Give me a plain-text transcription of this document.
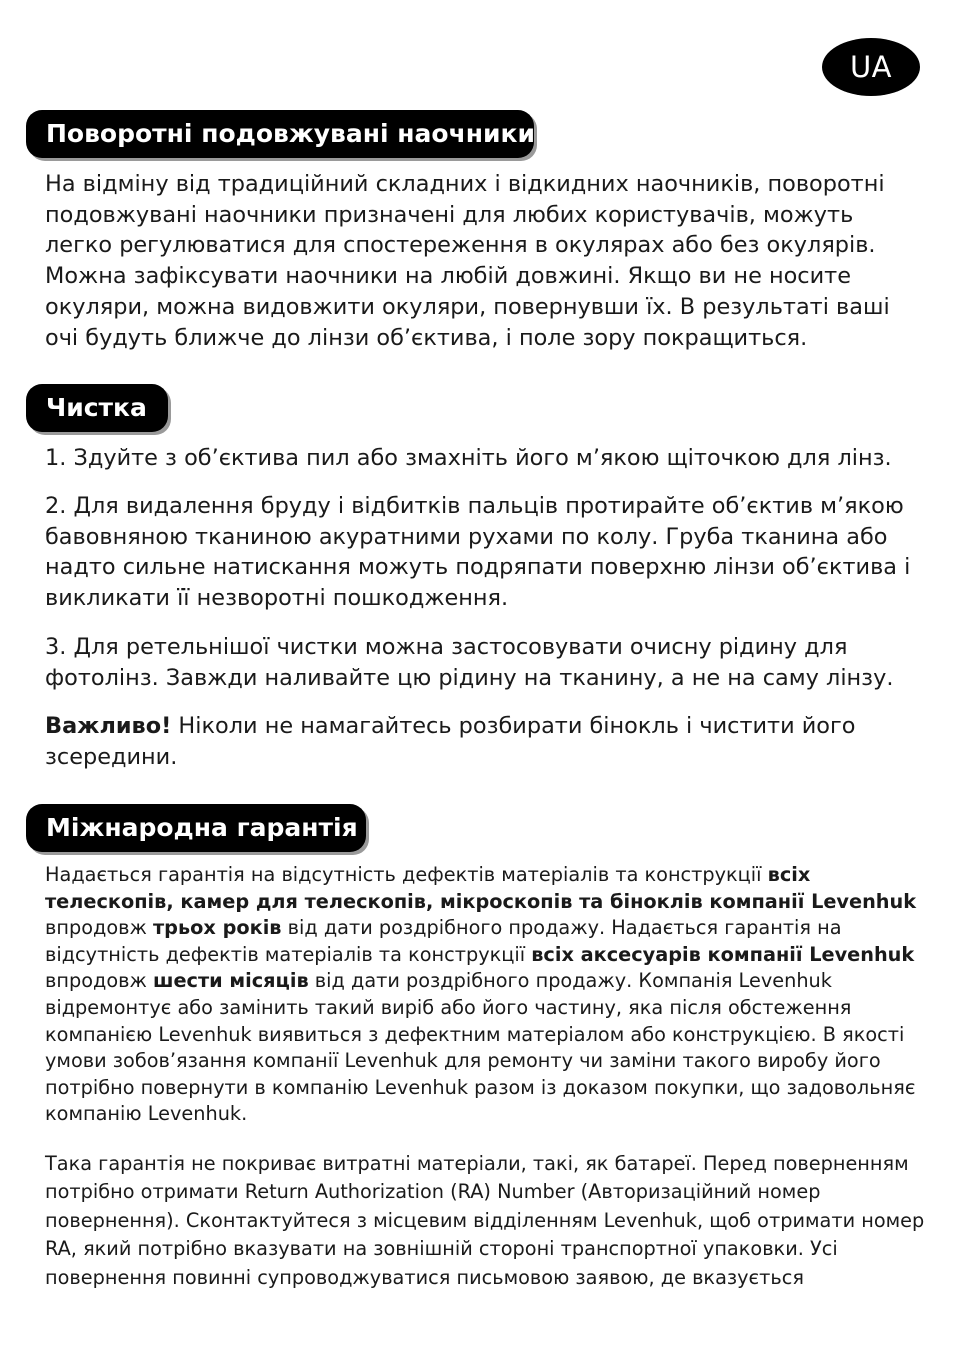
UA
Поворотні подовжувані наочники

На відміну від традиційний складних і відкидних наочників, поворотні подовжувані наочники призначені для любих користувачів, можуть легко регулюватися для спостереження в окулярах або без окулярів. Можна зафіксувати наочники на любій довжині. Якщо ви не носите окуляри, можна видовжити окуляри, повернувши їх. В результаті ваші очі будуть ближче до лінзи об’єктива, і поле зору покращиться.

Чистка

1. Здуйте з об’єктива пил або змахніть його м’якою щіточкою для лінз.

2. Для видалення бруду і відбитків пальців протирайте об’єктив м’якою бавовняною тканиною акуратними рухами по колу. Груба тканина або надто сильне натискання можуть подряпати поверхню лінзи об’єктива і викликати її незворотні пошкодження.

3. Для ретельнішої чистки можна застосовувати очисну рідину для фотолінз. Завжди наливайте цю рідину на тканину, а не на саму лінзу.

Важливо! Ніколи не намагайтесь розбирати бінокль і чистити його зсередини.

Міжнародна гарантія

Надається гарантія на відсутність дефектів матеріалів та конструкції всіх телескопів, камер для телескопів, мікроскопів та біноклів компанії Levenhuk впродовж трьох років від дати роздрібного продажу. Надається гарантія на відсутність дефектів матеріалів та конструкції всіх аксесуарів компанії Levenhuk впродовж шести місяців від дати роздрібного продажу. Компанія Levenhuk відремонтує або замінить такий виріб або його частину, яка після обстеження компанією Levenhuk виявиться з дефектним матеріалом або конструкцією. В якості умови зобов’язання компанії Levenhuk для ремонту чи заміни такого виробу його потрібно повернути в компанію Levenhuk разом із доказом покупки, що задовольняє компанію Levenhuk.

Така гарантія не покриває витратні матеріали, такі, як батареї. Перед поверненням потрібно отримати Return Authorization (RA) Number (Авторизаційний номер повернення). Сконтактуйтеся з місцевим відділенням Levenhuk, щоб отримати номер RA, який потрібно вказувати на зовнішній стороні транспортної упаковки. Усі повернення повинні супроводжуватися письмовою заявою, де вказується
